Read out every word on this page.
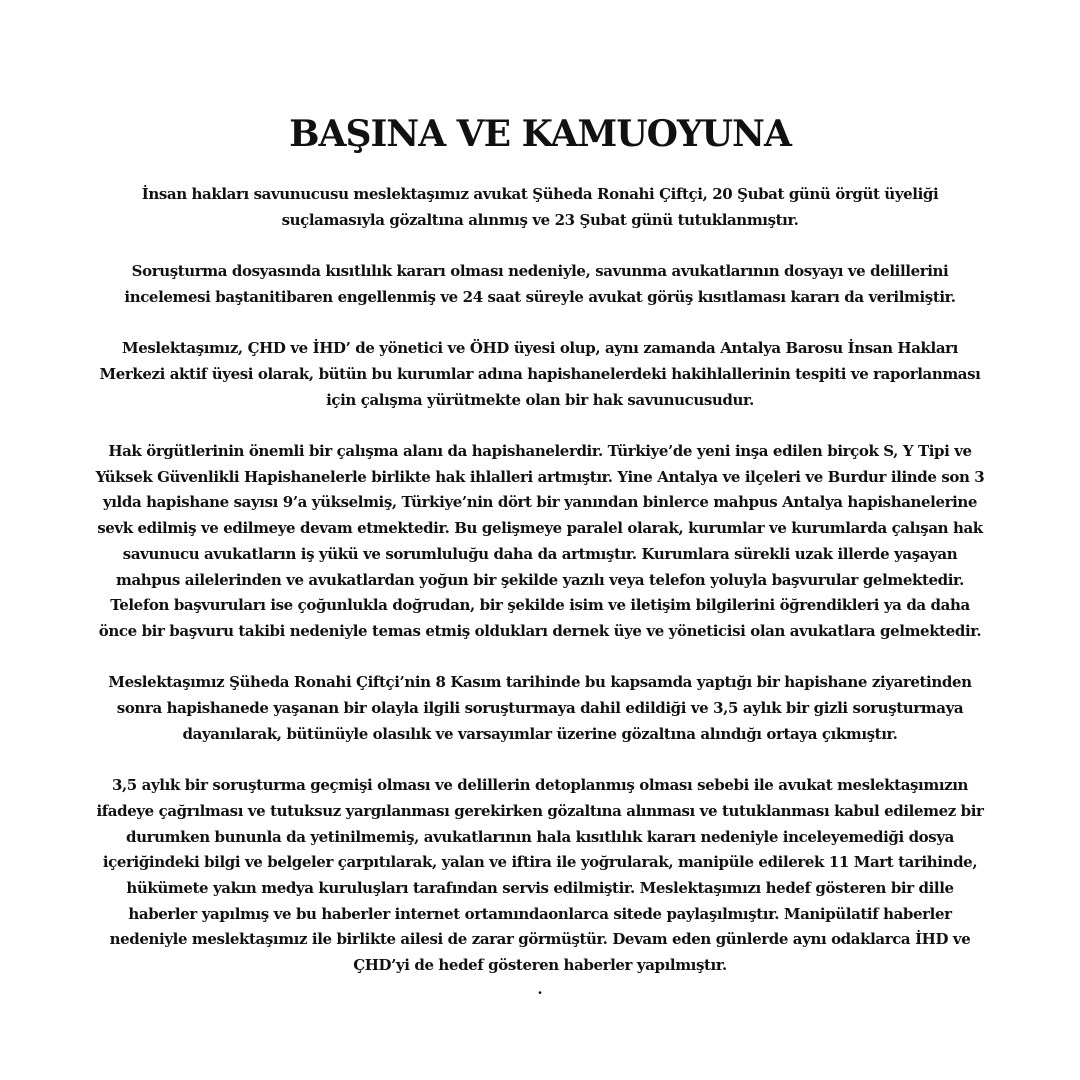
BAŞINA VE KAMUOYUNA

İnsan hakları savunucusu meslektaşımız avukat Şüheda Ronahi Çiftçi, 20 Şubat günü örgüt üyeliği suçlamasıyla gözaltına alınmış ve 23 Şubat günü tutuklanmıştır.

Soruşturma dosyasında kısıtlılık kararı olması nedeniyle, savunma avukatlarının dosyayı ve delillerini incelemesi baştanitibaren engellenmiş ve 24 saat süreyle avukat görüş kısıtlaması kararı da verilmiştir.

Meslektaşımız, ÇHD ve İHD’ de yönetici ve ÖHD üyesi olup, aynı zamanda Antalya Barosu İnsan Hakları Merkezi aktif üyesi olarak, bütün bu kurumlar adına hapishanelerdeki hakihlallerinin tespiti ve raporlanması için çalışma yürütmekte olan bir hak savunucusudur.

Hak örgütlerinin önemli bir çalışma alanı da hapishanelerdir. Türkiye’de yeni inşa edilen birçok S, Y Tipi ve Yüksek Güvenlikli Hapishanelerle birlikte hak ihlalleri artmıştır. Yine Antalya ve ilçeleri ve Burdur ilinde son 3 yılda hapishane sayısı 9’a yükselmiş, Türkiye’nin dört bir yanından binlerce mahpus Antalya hapishanelerine sevk edilmiş ve edilmeye devam etmektedir. Bu gelişmeye paralel olarak, kurumlar ve kurumlarda çalışan hak savunucu avukatların iş yükü ve sorumluluğu daha da artmıştır. Kurumlara sürekli uzak illerde yaşayan mahpus ailelerinden ve avukatlardan yoğun bir şekilde yazılı veya telefon yoluyla başvurular gelmektedir. Telefon başvuruları ise çoğunlukla doğrudan, bir şekilde isim ve iletişim bilgilerini öğrendikleri ya da daha önce bir başvuru takibi nedeniyle temas etmiş oldukları dernek üye ve yöneticisi olan avukatlara gelmektedir.

Meslektaşımız Şüheda Ronahi Çiftçi’nin 8 Kasım tarihinde bu kapsamda yaptığı bir hapishane ziyaretinden sonra hapishanede yaşanan bir olayla ilgili soruşturmaya dahil edildiği ve 3,5 aylık bir gizli soruşturmaya dayanılarak, bütünüyle olasılık ve varsayımlar üzerine gözaltına alındığı ortaya çıkmıştır.

3,5 aylık bir soruşturma geçmişi olması ve delillerin detoplanmış olması sebebi ile avukat meslektaşımızın ifadeye çağrılması ve tutuksuz yargılanması gerekirken gözaltına alınması ve tutuklanması kabul edilemez bir durumken bununla da yetinilmemiş, avukatlarının hala kısıtlılık kararı nedeniyle inceleyemediği dosya içeriğindeki bilgi ve belgeler çarpıtılarak, yalan ve iftira ile yoğrularak, manipüle edilerek 11 Mart tarihinde, hükümete yakın medya kuruluşları tarafından servis edilmiştir. Meslektaşımızı hedef gösteren bir dille haberler yapılmış ve bu haberler internet ortamındaonlarca sitede paylaşılmıştır. Manipülatif haberler nedeniyle meslektaşımız ile birlikte ailesi de zarar görmüştür. Devam eden günlerde aynı odaklarca İHD ve ÇHD’yi de hedef gösteren haberler yapılmıştır.

.
